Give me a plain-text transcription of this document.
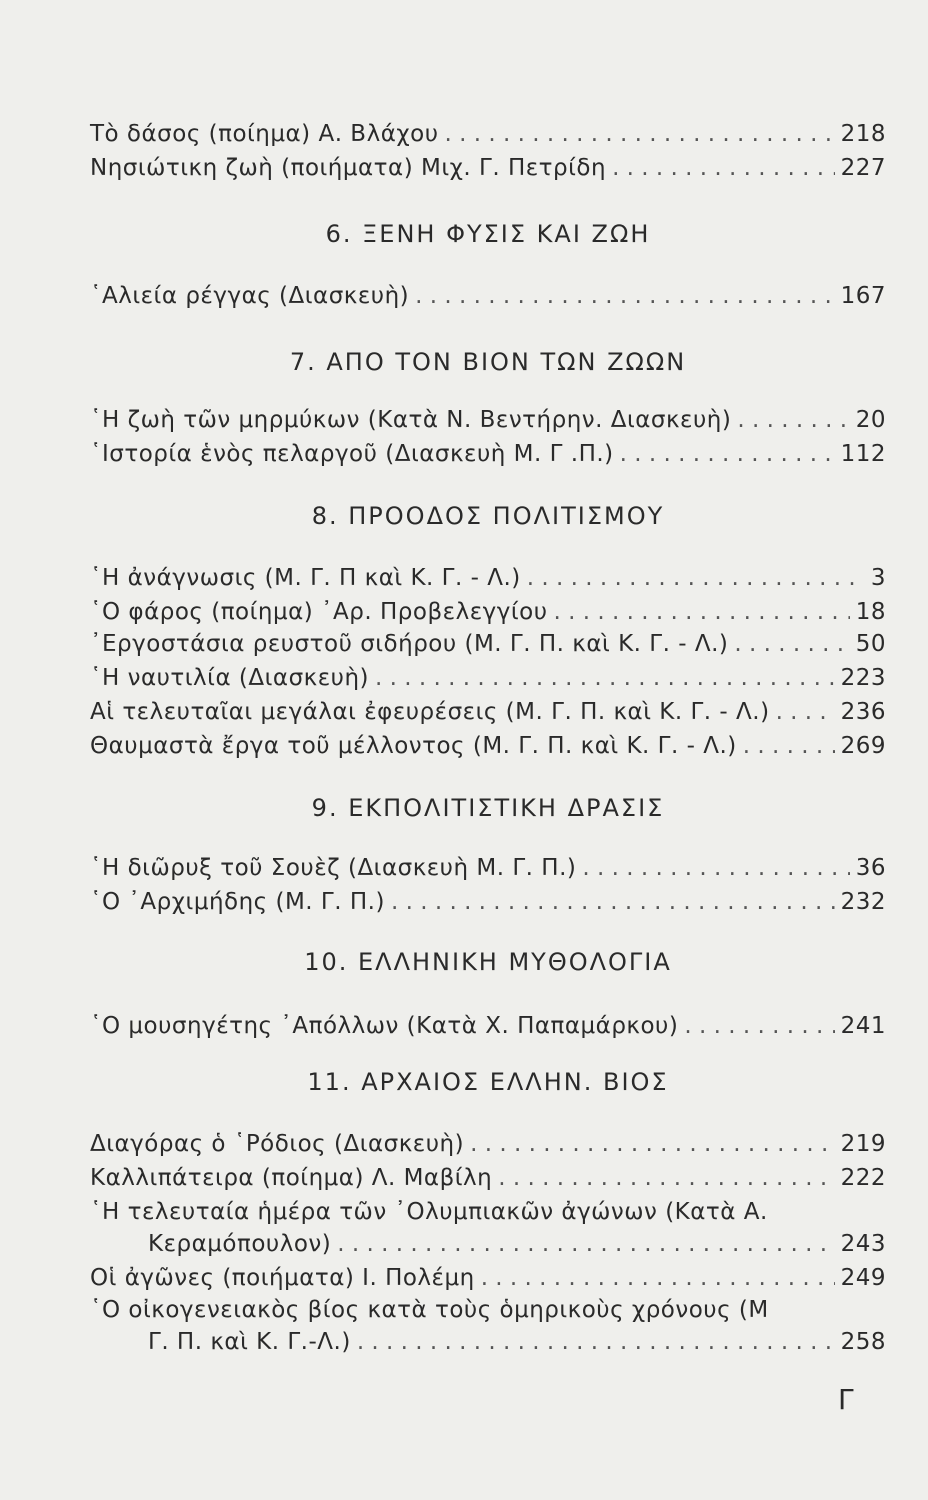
Τὸ δάσος (ποίημα) Α. Βλάχου . . .	218
Νησιώτικη ζωὴ (ποιήματα) Μιχ. Γ. Πετρίδη . . .	227
6. ΞΕΝΗ ΦΥΣΙΣ ΚΑΙ ΖΩΗ
῾Αλιεία ρέγγας (Διασκευὴ) . . .	167
7. ΑΠΟ ΤΟΝ ΒΙΟΝ ΤΩΝ ΖΩΩΝ
῾Η ζωὴ τῶν μηρμύκων (Κατὰ Ν. Βεντήρην. Διασκευὴ) . . .	20
῾Ιστορία ἑνὸς πελαργοῦ (Διασκευὴ Μ. Γ .Π.) . . .	112
8. ΠΡΟΟΔΟΣ ΠΟΛΙΤΙΣΜΟΥ
῾Η ἀνάγνωσις (Μ. Γ. Π καὶ Κ. Γ. - Λ.) . . .	3
῾Ο φάρος (ποίημα) ᾿Αρ. Προβελεγγίου . . .	18
᾿Εργοστάσια ρευστοῦ σιδήρου (Μ. Γ. Π. καὶ Κ. Γ. - Λ.) . . .	50
῾Η ναυτιλία (Διασκευὴ) . . .	223
Αἱ τελευταῖαι μεγάλαι ἐφευρέσεις (Μ. Γ. Π. καὶ Κ. Γ. - Λ.) . . .	236
Θαυμαστὰ ἔργα τοῦ μέλλοντος (Μ. Γ. Π. καὶ Κ. Γ. - Λ.) . . .	269
9. ΕΚΠΟΛΙΤΙΣΤΙΚΗ ΔΡΑΣΙΣ
῾Η διῶρυξ τοῦ Σουὲζ (Διασκευὴ Μ. Γ. Π.) . . .	36
῾Ο ᾿Αρχιμήδης (Μ. Γ. Π.) . . .	232
10. ΕΛΛΗΝΙΚΗ ΜΥΘΟΛΟΓΙΑ
῾Ο μουσηγέτης ᾿Απόλλων (Κατὰ Χ. Παπαμάρκου) . . .	241
11. ΑΡΧΑΙΟΣ ΕΛΛΗΝ. ΒΙΟΣ
Διαγόρας ὁ ῾Ρόδιος (Διασκευὴ) . . .	219
Καλλιπάτειρα (ποίημα) Λ. Μαβίλη . . .	222
῾Η τελευταία ἡμέρα τῶν ᾿Ολυμπιακῶν ἀγώνων (Κατὰ Α.
Κεραμόπουλον) . . .	243
Οἱ ἀγῶνες (ποιήματα) Ι. Πολέμη . . .	249
῾Ο οἰκογενειακὸς βίος κατὰ τοὺς ὁμηρικοὺς χρόνους (Μ
Γ. Π. καὶ Κ. Γ.-Λ.) . . .	258
Γ
